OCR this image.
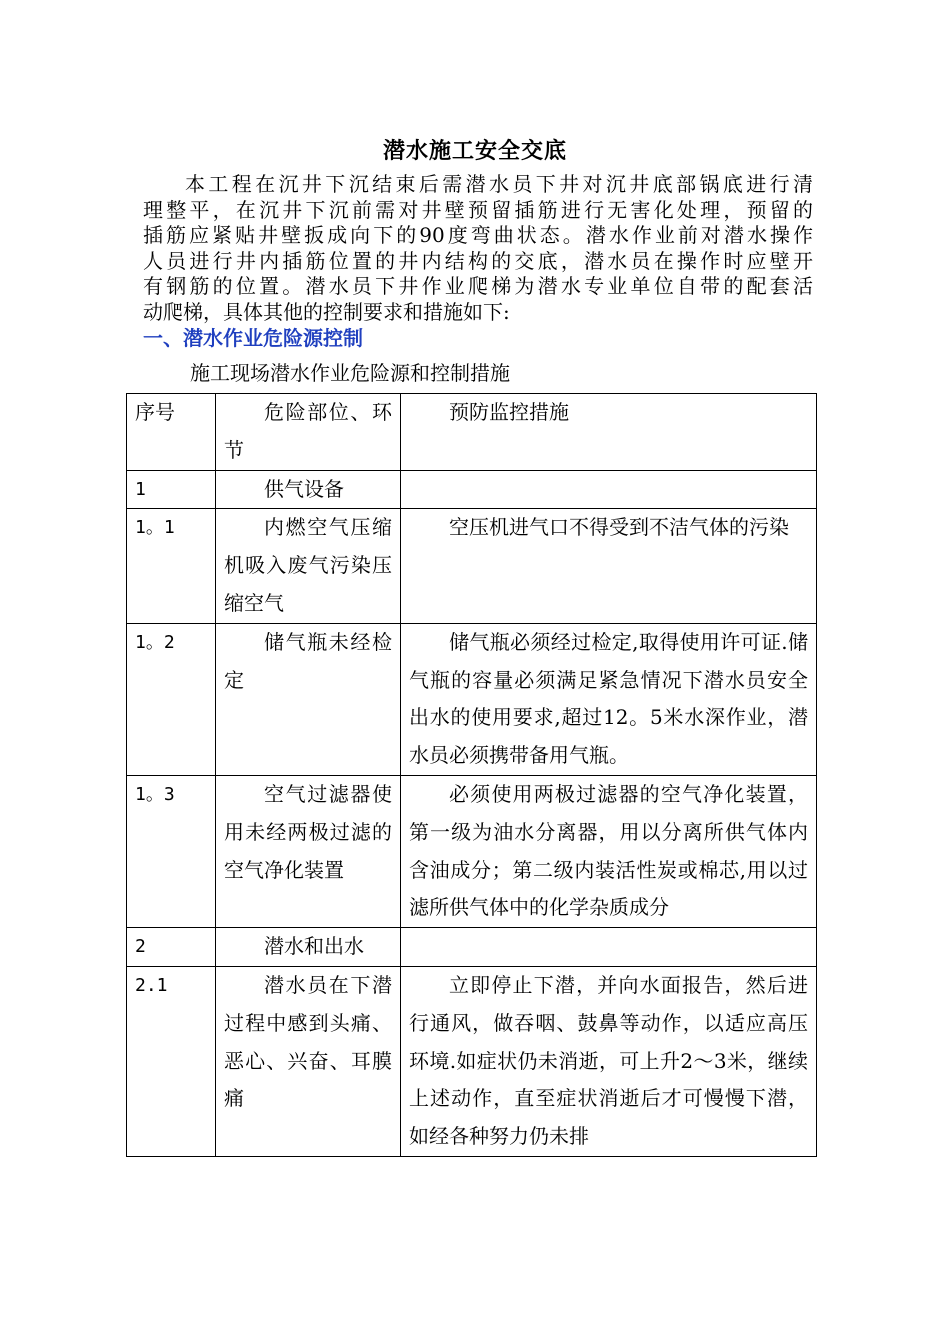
潜水施工安全交底
本工程在沉井下沉结束后需潜水员下井对沉井底部锅底进行清
理整平，在沉井下沉前需对井壁预留插筋进行无害化处理，预留的
插筋应紧贴井壁扳成向下的90度弯曲状态。潜水作业前对潜水操作
人员进行井内插筋位置的井内结构的交底，潜水员在操作时应壁开
有钢筋的位置。潜水员下井作业爬梯为潜水专业单位自带的配套活
动爬梯，具体其他的控制要求和措施如下:
一、潜水作业危险源控制
施工现场潜水作业危险源和控制措施
序号	危险部位、环节	预防监控措施

1	供气设备	

1。1	内燃空气压缩机吸入废气污染压缩空气	空压机进气口不得受到不洁气体的污染

1。2	储气瓶未经检定	储气瓶必须经过检定,取得使用许可证.储气瓶的容量必须满足紧急情况下潜水员安全出水的使用要求,超过12。5米水深作业，潜水员必须携带备用气瓶。

1。3	空气过滤器使用未经两极过滤的空气净化装置	必须使用两极过滤器的空气净化装置，第一级为油水分离器，用以分离所供气体内含油成分；第二级内装活性炭或棉芯,用以过滤所供气体中的化学杂质成分

2	潜水和出水	

2.1	潜水员在下潜过程中感到头痛、恶心、兴奋、耳膜痛	立即停止下潜，并向水面报告，然后进行通风，做吞咽、鼓鼻等动作，以适应高压环境.如症状仍未消逝，可上升2～3米，继续上述动作，直至症状消逝后才可慢慢下潜，如经各种努力仍未排
